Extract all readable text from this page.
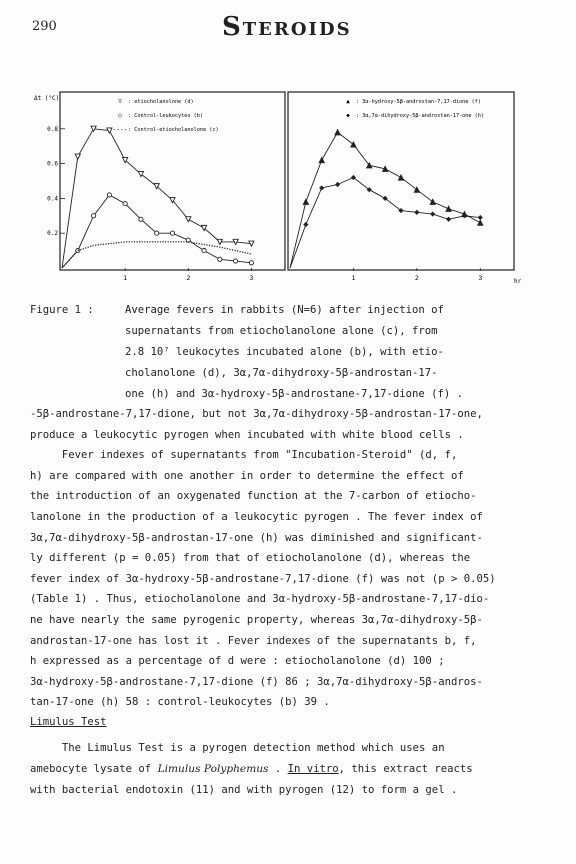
290	STEROIDS
1	2	3
0.8
0.6
0.4
0.2
▽ : etiocholanolone (d)
○ : Control-leukocytes (b)
---- : Control-etiocholanolone (c)
1	2	3
▲ : 3α-hydroxy-5β-androstan-7,17-dione (f)
◆ : 3α,7α-dihydroxy-5β-androstan-17-one (h)
Δt (°C)
hr
Figure 1 :	Average fevers in rabbits (N=6) after injection of
supernatants from etiocholanolone alone (c), from
2.8 10⁷ leukocytes incubated alone (b), with etio-
cholanolone (d), 3α,7α-dihydroxy-5β-androstan-17-
one (h) and 3α-hydroxy-5β-androstane-7,17-dione (f) .
-5β-androstane-7,17-dione, but not 3α,7α-dihydroxy-5β-androstan-17-one,
produce a leukocytic pyrogen when incubated with white blood cells .
Fever indexes of supernatants from "Incubation-Steroid" (d, f,
h) are compared with one another in order to determine the effect of
the introduction of an oxygenated function at the 7-carbon of etiocho-
lanolone in the production of a leukocytic pyrogen . The fever index of
3α,7α-dihydroxy-5β-androstan-17-one (h) was diminished and significant-
ly different (p = 0.05) from that of etiocholanolone (d), whereas the
fever index of 3α-hydroxy-5β-androstane-7,17-dione (f) was not (p > 0.05)
(Table 1) . Thus, etiocholanolone and 3α-hydroxy-5β-androstane-7,17-dio-
ne have nearly the same pyrogenic property, whereas 3α,7α-dihydroxy-5β-
androstan-17-one has lost it . Fever indexes of the supernatants b, f,
h expressed as a percentage of d were : etiocholanolone (d) 100 ;
3α-hydroxy-5β-androstane-7,17-dione (f) 86 ; 3α,7α-dihydroxy-5β-andros-
tan-17-one (h) 58 : control-leukocytes (b) 39 .
Limulus Test
The Limulus Test is a pyrogen detection method which uses an
amebocyte lysate of Limulus Polyphemus . In vitro, this extract reacts
with bacterial endotoxin (11) and with pyrogen (12) to form a gel .
